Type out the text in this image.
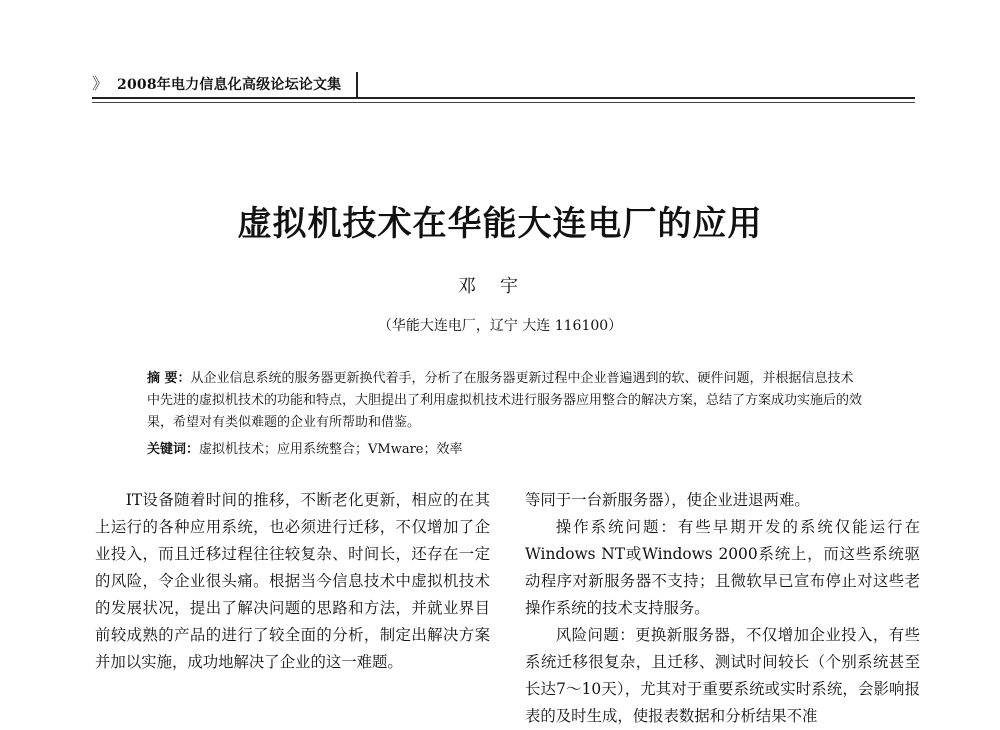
》 2008年电力信息化高级论坛论文集
虚拟机技术在华能大连电厂的应用
邓宇
（华能大连电厂，辽宁 大连 116100）
摘 要：从企业信息系统的服务器更新换代着手，分析了在服务器更新过程中企业普遍遇到的软、硬件问题，并根据信息技术中先进的虚拟机技术的功能和特点，大胆提出了利用虚拟机技术进行服务器应用整合的解决方案，总结了方案成功实施后的效果，希望对有类似难题的企业有所帮助和借鉴。
关键词：虚拟机技术；应用系统整合；VMware；效率

IT设备随着时间的推移，不断老化更新，相应的在其上运行的各种应用系统，也必须进行迁移，不仅增加了企业投入，而且迁移过程往往较复杂、时间长，还存在一定的风险，令企业很头痛。根据当今信息技术中虚拟机技术的发展状况，提出了解决问题的思路和方法，并就业界目前较成熟的产品的进行了较全面的分析，制定出解决方案并加以实施，成功地解决了企业的这一难题。

等同于一台新服务器），使企业进退两难。

操作系统问题：有些早期开发的系统仅能运行在Windows NT或Windows 2000系统上，而这些系统驱动程序对新服务器不支持；且微软早已宣布停止对这些老操作系统的技术支持服务。

风险问题：更换新服务器，不仅增加企业投入，有些系统迁移很复杂，且迁移、测试时间较长（个别系统甚至长达7～10天），尤其对于重要系统或实时系统，会影响报表的及时生成，使报表数据和分析结果不准
